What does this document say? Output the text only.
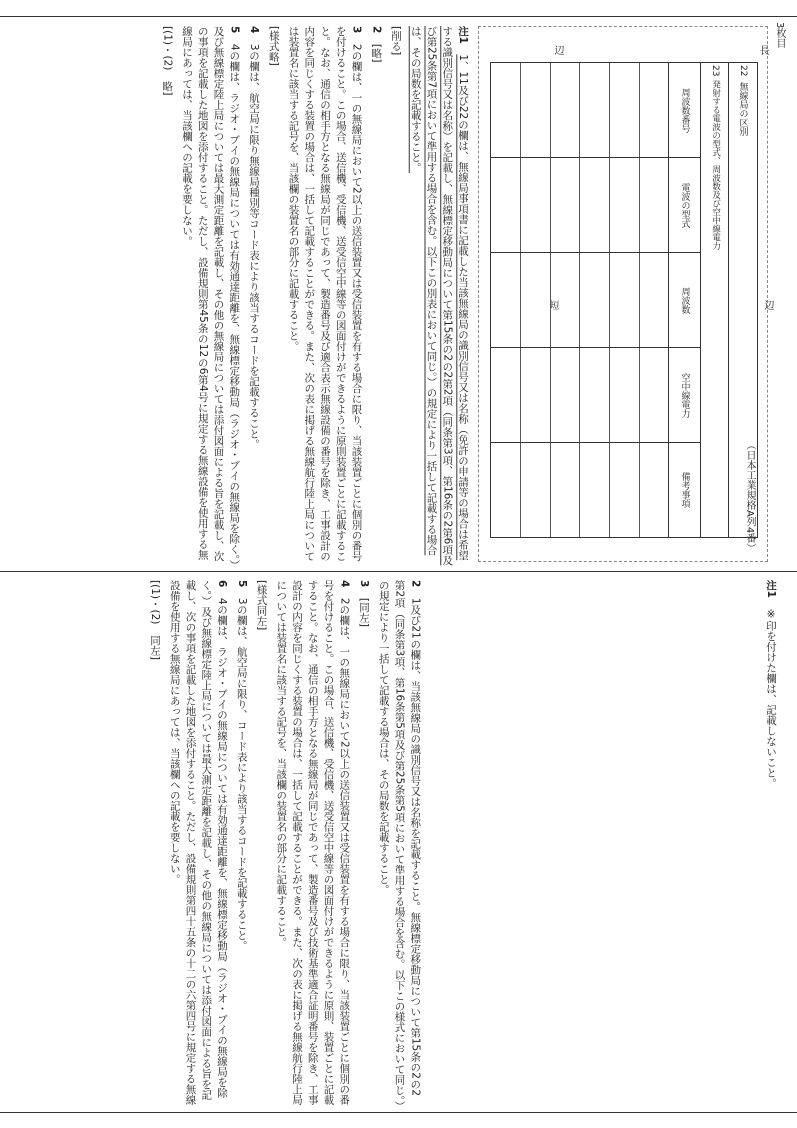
3枚目
（日本工業規格A列4番）
長
辺
短	辺
22
無線局の区別
23
発射する電波の型式、周波数及び空中線電力
周波数番号
電波の型式
周波数
空中線電力
備考事項

注1　1、11及び22の欄は、無線局事項書に記載した当該無線局の識別信号又は名称（免許の申請等の場合は希望する識別信号又は名称）を記載し、無線標定移動局について第15条の2の2第2項（同条第3項、第16条の2第6項及び第25条第7項において準用する場合を含む。以下この別表において同じ。）の規定により一括して記載する場合は、その局数を記載すること。

[削る]

2　[略]

3　2の欄は、一の無線局において2以上の送信装置又は受信装置を有する場合に限り、当該装置ごとに個別の番号を付けること。この場合、送信機、受信機、送受信空中線等の図面付けができるように原則装置ごとに記載すること。なお、通信の相手方となる無線局が同じであって、製造番号及び適合表示無線設備の番号を除き、工事設計の内容を同じくする装置の場合は、一括して記載することができる。また、次の表に掲げる無線航行陸上局については装置名に該当する記号を、当該欄の装置名の部分に記載すること。

[様式略]

4　3の欄は、航空局に限り無線局種別等コード表により該当するコードを記載すること。

5　4の欄は、ラジオ・ブイの無線局については有効通達距離を、無線標定移動局（ラジオ・ブイの無線局を除く。）及び無線標定陸上局については最大測定距離を記載し、その他の無線局については添付図面による旨を記載し、次の事項を記載した地図を添付すること。ただし、設備規則第45条の12の6第4号に規定する無線設備を使用する無線局にあっては、当該欄への記載を要しない。

[(1)・(2)　略]

注1　※印を付けた欄は、記載しないこと。

2　1及び21の欄は、当該無線局の識別信号又は名称を記載すること。無線標定移動局について第15条の2の2第2項（同条第3項、第16条第5項及び第25条第5項において準用する場合を含む。以下この様式において同じ。）の規定により一括して記載する場合は、その局数を記載すること。

3　[同左]

4　2の欄は、一の無線局において2以上の送信装置又は受信装置を有する場合に限り、当該装置ごとに個別の番号を付けること。この場合、送信機、受信機、送受信空中線等の図面付けができるように原則、装置ごとに記載すること。なお、通信の相手方となる無線局が同じであって、製造番号及び技術基準適合証明番号を除き、工事設計の内容を同じくする装置の場合は、一括して記載することができる。また、次の表に掲げる無線航行陸上局については装置名に該当する記号を、当該欄の装置名の部分に記載すること。

[様式同左]

5　3の欄は、航空局に限り、コード表により該当するコードを記載すること。

6　4の欄は、ラジオ・ブイの無線局については有効通達距離を、無線標定移動局（ラジオ・ブイの無線局を除く。）及び無線標定陸上局については最大測定距離を記載し、その他の無線局については添付図面による旨を記載し、次の事項を記載した地図を添付すること。ただし、設備規則第四十五条の十二の六第四号に規定する無線設備を使用する無線局にあっては、当該欄への記載を要しない。

[(1)・(2)　同左]
